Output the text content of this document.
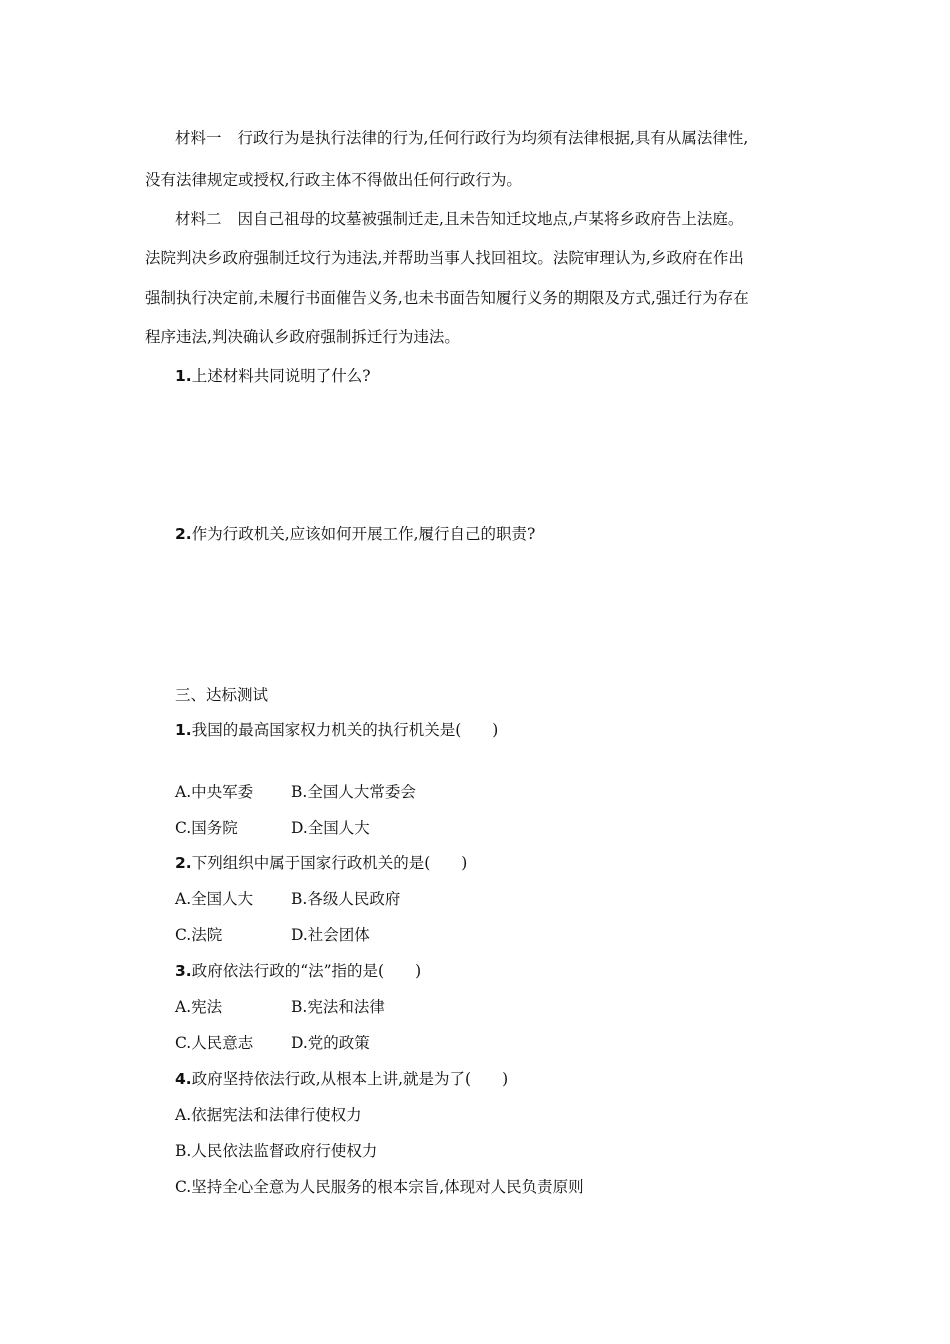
材料一 行政行为是执行法律的行为,任何行政行为均须有法律根据,具有从属法律性,
没有法律规定或授权,行政主体不得做出任何行政行为。
材料二 因自己祖母的坟墓被强制迁走,且未告知迁坟地点,卢某将乡政府告上法庭。
法院判决乡政府强制迁坟行为违法,并帮助当事人找回祖坟。法院审理认为,乡政府在作出
强制执行决定前,未履行书面催告义务,也未书面告知履行义务的期限及方式,强迁行为存在
程序违法,判决确认乡政府强制拆迁行为违法。
1.上述材料共同说明了什么?
2.作为行政机关,应该如何开展工作,履行自己的职责?
三、达标测试
1.我国的最高国家权力机关的执行机关是(　　)
A.中央军委 B.全国人大常委会
C.国务院	D.全国人大
2.下列组织中属于国家行政机关的是(　　)
A.全国人大 B.各级人民政府
C.法院	D.社会团体
3.政府依法行政的“法”指的是(　　)
A.宪法	B.宪法和法律
C.人民意志 D.党的政策
4.政府坚持依法行政,从根本上讲,就是为了(　　)
A.依据宪法和法律行使权力
B.人民依法监督政府行使权力
C.坚持全心全意为人民服务的根本宗旨,体现对人民负责原则
